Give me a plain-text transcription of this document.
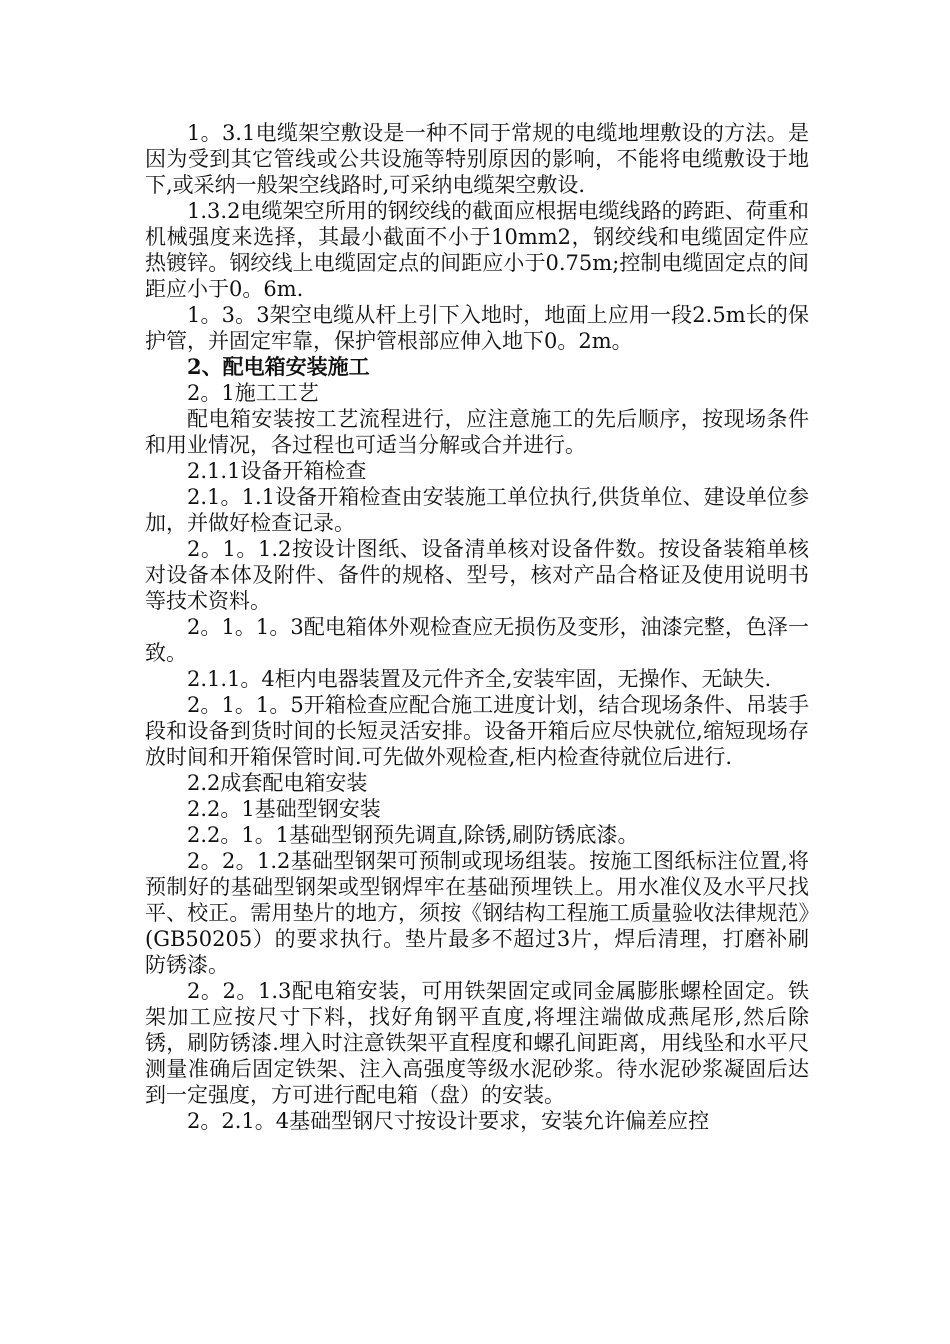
1。3.1电缆架空敷设是一种不同于常规的电缆地埋敷设的方法。是因为受到其它管线或公共设施等特别原因的影响，不能将电缆敷设于地下,或采纳一般架空线路时,可采纳电缆架空敷设.

1.3.2电缆架空所用的钢绞线的截面应根据电缆线路的跨距、荷重和机械强度来选择，其最小截面不小于10mm2，钢绞线和电缆固定件应热镀锌。钢绞线上电缆固定点的间距应小于0.75m;控制电缆固定点的间距应小于0。6m.

1。3。3架空电缆从杆上引下入地时，地面上应用一段2.5m长的保护管，并固定牢靠，保护管根部应伸入地下0。2m。

2、配电箱安装施工

2。1施工工艺

配电箱安装按工艺流程进行，应注意施工的先后顺序，按现场条件和用业情况，各过程也可适当分解或合并进行。

2.1.1设备开箱检查

2.1。1.1设备开箱检查由安装施工单位执行,供货单位、建设单位参加，并做好检查记录。

2。1。1.2按设计图纸、设备清单核对设备件数。按设备装箱单核对设备本体及附件、备件的规格、型号，核对产品合格证及使用说明书等技术资料。

2。1。1。3配电箱体外观检查应无损伤及变形，油漆完整，色泽一致。

2.1.1。4柜内电器装置及元件齐全,安装牢固，无操作、无缺失.

2。1。1。5开箱检查应配合施工进度计划，结合现场条件、吊装手段和设备到货时间的长短灵活安排。设备开箱后应尽快就位,缩短现场存放时间和开箱保管时间.可先做外观检查,柜内检查待就位后进行.

2.2成套配电箱安装

2.2。1基础型钢安装

2.2。1。1基础型钢预先调直,除锈,刷防锈底漆。

2。2。1.2基础型钢架可预制或现场组装。按施工图纸标注位置,将预制好的基础型钢架或型钢焊牢在基础预埋铁上。用水准仪及水平尺找平、校正。需用垫片的地方，须按《钢结构工程施工质量验收法律规范》(GB50205）的要求执行。垫片最多不超过3片，焊后清理，打磨补刷防锈漆。

2。2。1.3配电箱安装，可用铁架固定或同金属膨胀螺栓固定。铁架加工应按尺寸下料，找好角钢平直度,将埋注端做成燕尾形,然后除锈，刷防锈漆.埋入时注意铁架平直程度和螺孔间距离，用线坠和水平尺测量准确后固定铁架、注入高强度等级水泥砂浆。待水泥砂浆凝固后达到一定强度，方可进行配电箱（盘）的安装。

2。2.1。4基础型钢尺寸按设计要求，安装允许偏差应控
